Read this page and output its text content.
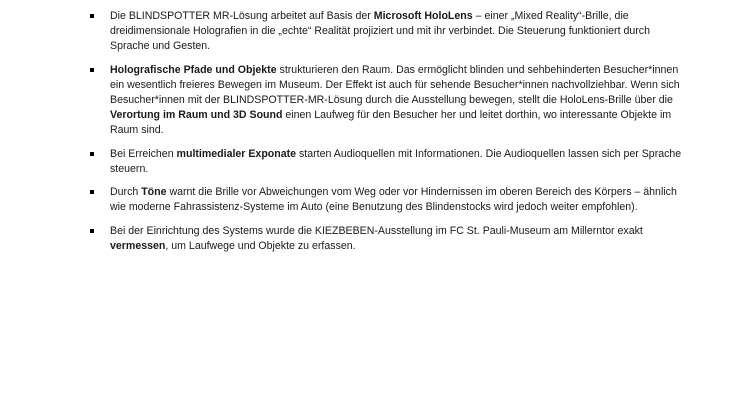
Die BLINDSPOTTER MR-Lösung arbeitet auf Basis der Microsoft HoloLens – einer „Mixed Reality“-Brille, die dreidimensionale Holografien in die „echte“ Realität projiziert und mit ihr verbindet. Die Steuerung funktioniert durch Sprache und Gesten.
Holografische Pfade und Objekte strukturieren den Raum. Das ermöglicht blinden und sehbehinderten Besucher*innen ein wesentlich freieres Bewegen im Museum. Der Effekt ist auch für sehende Besucher*innen nachvollziehbar. Wenn sich Besucher*innen mit der BLINDSPOTTER-MR-Lösung durch die Ausstellung bewegen, stellt die HoloLens-Brille über die Verortung im Raum und 3D Sound einen Laufweg für den Besucher her und leitet dorthin, wo interessante Objekte im Raum sind.
Bei Erreichen multimedialer Exponate starten Audioquellen mit Informationen. Die Audioquellen lassen sich per Sprache steuern.
Durch Töne warnt die Brille vor Abweichungen vom Weg oder vor Hindernissen im oberen Bereich des Körpers – ähnlich wie moderne Fahrassistenz-Systeme im Auto (eine Benutzung des Blindenstocks wird jedoch weiter empfohlen).
Bei der Einrichtung des Systems wurde die KIEZBEBEN-Ausstellung im FC St. Pauli-Museum am Millerntor exakt vermessen, um Laufwege und Objekte zu erfassen.
